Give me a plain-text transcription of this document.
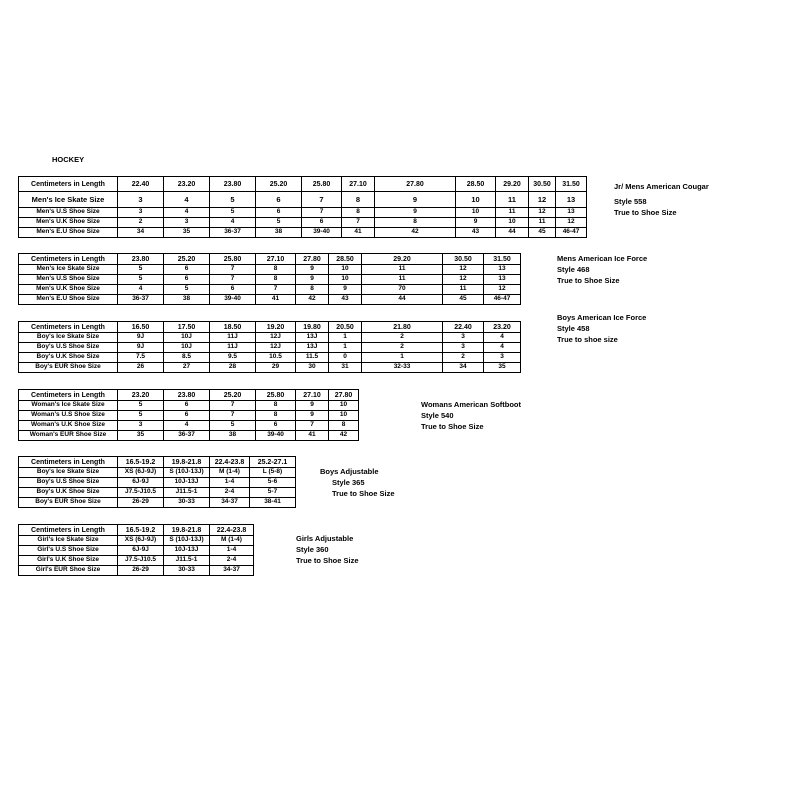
HOCKEY
Centimeters in Length	22.40	23.20	23.80	25.20	25.80	27.10	27.80	28.50	29.20	30.50	31.50
Men's Ice Skate Size	3	4	5	6	7	8	9	10	11	12	13
Men's U.S Shoe Size	3	4	5	6	7	8	9	10	11	12	13
Men's U.K Shoe Size	2	3	4	5	6	7	8	9	10	11	12
Men's E.U Shoe Size	34	35	36-37	38	39-40	41	42	43	44	45	46-47
Jr/ Mens American Cougar
Style 558
True to Shoe Size
Centimeters in Length	23.80	25.20	25.80	27.10	27.80	28.50	29.20	30.50	31.50
Men's Ice Skate Size	5	6	7	8	9	10	11	12	13
Men's U.S Shoe Size	5	6	7	8	9	10	11	12	13
Men's U.K Shoe Size	4	5	6	7	8	9	70	11	12
Men's E.U Shoe Size	36-37	38	39-40	41	42	43	44	45	46-47
Mens American Ice Force
Style 468
True to Shoe Size
Centimeters in Length	16.50	17.50	18.50	19.20	19.80	20.50	21.80	22.40	23.20
Boy's Ice Skate Size	9J	10J	11J	12J	13J	1	2	3	4
Boy's U.S Shoe Size	9J	10J	11J	12J	13J	1	2	3	4
Boy's U.K Shoe Size	7.5	8.5	9.5	10.5	11.5	0	1	2	3
Boy's EUR Shoe Size	26	27	28	29	30	31	32-33	34	35
Boys American Ice Force
Style 458
True to shoe size
Centimeters in Length	23.20	23.80	25.20	25.80	27.10	27.80
Woman's Ice Skate Size	5	6	7	8	9	10
Woman's U.S Shoe Size	5	6	7	8	9	10
Woman's U.K Shoe Size	3	4	5	6	7	8
Woman's EUR Shoe Size	35	36-37	38	39-40	41	42
Womans American Softboot
Style 540
True to Shoe Size
Centimeters in Length	16.5-19.2	19.8-21.8	22.4-23.8	25.2-27.1
Boy's Ice Skate Size	XS (6J-9J)	S (10J-13J)	M (1-4)	L (5-8)
Boy's U.S Shoe Size	6J-9J	10J-13J	1-4	5-6
Boy's U.K Shoe Size	J7.5-J10.5	J11.5-1	2-4	5-7
Boy's EUR Shoe Size	26-29	30-33	34-37	38-41
Boys Adjustable
Style 365
True to Shoe Size
Centimeters in Length	16.5-19.2	19.8-21.8	22.4-23.8
Girl's Ice Skate Size	XS (6J-9J)	S (10J-13J)	M (1-4)
Girl's U.S Shoe Size	6J-9J	10J-13J	1-4
Girl's U.K Shoe Size	J7.5-J10.5	J11.5-1	2-4
Girl's EUR Shoe Size	26-29	30-33	34-37
Girls Adjustable
Style 360
True to Shoe Size
